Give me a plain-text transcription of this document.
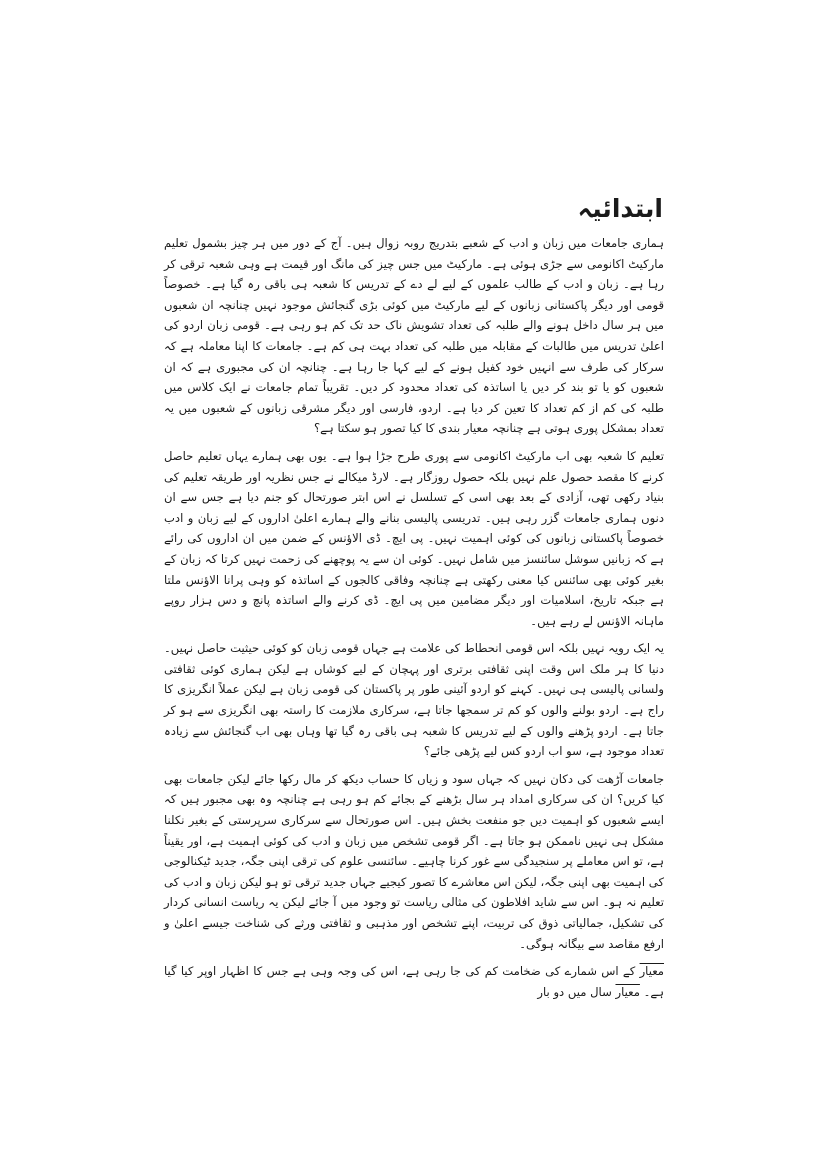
ابتدائیہ

ہماری جامعات میں زبان و ادب کے شعبے بتدریج روبہ زوال ہیں۔ آج کے دور میں ہر چیز بشمول تعلیم مارکیٹ اکانومی سے جڑی ہوئی ہے۔ مارکیٹ میں جس چیز کی مانگ اور قیمت ہے وہی شعبہ ترقی کر رہا ہے۔ زبان و ادب کے طالب علموں کے لیے لے دے کے تدریس کا شعبہ ہی باقی رہ گیا ہے۔ خصوصاً قومی اور دیگر پاکستانی زبانوں کے لیے مارکیٹ میں کوئی بڑی گنجائش موجود نہیں چنانچہ ان شعبوں میں ہر سال داخل ہونے والے طلبہ کی تعداد تشویش ناک حد تک کم ہو رہی ہے۔ قومی زبان اردو کی اعلیٰ تدریس میں طالبات کے مقابلہ میں طلبہ کی تعداد بہت ہی کم ہے۔ جامعات کا اپنا معاملہ ہے کہ سرکار کی طرف سے انہیں خود کفیل ہونے کے لیے کہا جا رہا ہے۔ چنانچہ ان کی مجبوری ہے کہ ان شعبوں کو یا تو بند کر دیں یا اساتذہ کی تعداد محدود کر دیں۔ تقریباً تمام جامعات نے ایک کلاس میں طلبہ کی کم از کم تعداد کا تعین کر دیا ہے۔ اردو، فارسی اور دیگر مشرقی زبانوں کے شعبوں میں یہ تعداد بمشکل پوری ہوتی ہے چنانچہ معیار بندی کا کیا تصور ہو سکتا ہے؟

تعلیم کا شعبہ بھی اب مارکیٹ اکانومی سے پوری طرح جڑا ہوا ہے۔ یوں بھی ہمارے یہاں تعلیم حاصل کرنے کا مقصد حصول علم نہیں بلکہ حصول روزگار ہے۔ لارڈ میکالے نے جس نظریہ اور طریقہ تعلیم کی بنیاد رکھی تھی، آزادی کے بعد بھی اسی کے تسلسل نے اس ابتر صورتحال کو جنم دیا ہے جس سے ان دنوں ہماری جامعات گزر رہی ہیں۔ تدریسی پالیسی بنانے والے ہمارے اعلیٰ اداروں کے لیے زبان و ادب خصوصاً پاکستانی زبانوں کی کوئی اہمیت نہیں۔ پی ایچ۔ ڈی الاؤنس کے ضمن میں ان اداروں کی رائے ہے کہ زبانیں سوشل سائنسز میں شامل نہیں۔ کوئی ان سے یہ پوچھنے کی زحمت نہیں کرتا کہ زبان کے بغیر کوئی بھی سائنس کیا معنی رکھتی ہے چنانچہ وفاقی کالجوں کے اساتذہ کو وہی پرانا الاؤنس ملتا ہے جبکہ تاریخ، اسلامیات اور دیگر مضامین میں پی ایچ۔ ڈی کرنے والے اساتذہ پانچ و دس ہزار روپے ماہانہ الاؤنس لے رہے ہیں۔

یہ ایک رویہ نہیں بلکہ اس قومی انحطاط کی علامت ہے جہاں قومی زبان کو کوئی حیثیت حاصل نہیں۔ دنیا کا ہر ملک اس وقت اپنی ثقافتی برتری اور پہچان کے لیے کوشاں ہے لیکن ہماری کوئی ثقافتی ولسانی پالیسی ہی نہیں۔ کہنے کو اردو آئینی طور پر پاکستان کی قومی زبان ہے لیکن عملاً انگریزی کا راج ہے۔ اردو بولنے والوں کو کم تر سمجھا جاتا ہے، سرکاری ملازمت کا راستہ بھی انگریزی سے ہو کر جاتا ہے۔ اردو پڑھنے والوں کے لیے تدریس کا شعبہ ہی باقی رہ گیا تھا وہاں بھی اب گنجائش سے زیادہ تعداد موجود ہے، سو اب اردو کس لیے پڑھی جائے؟

جامعات آڑھت کی دکان نہیں کہ جہاں سود و زیاں کا حساب دیکھ کر مال رکھا جائے لیکن جامعات بھی کیا کریں؟ ان کی سرکاری امداد ہر سال بڑھنے کے بجائے کم ہو رہی ہے چنانچہ وہ بھی مجبور ہیں کہ ایسے شعبوں کو اہمیت دیں جو منفعت بخش ہیں۔ اس صورتحال سے سرکاری سرپرستی کے بغیر نکلنا مشکل ہی نہیں ناممکن ہو جاتا ہے۔ اگر قومی تشخص میں زبان و ادب کی کوئی اہمیت ہے، اور یقیناً ہے، تو اس معاملے پر سنجیدگی سے غور کرنا چاہیے۔ سائنسی علوم کی ترقی اپنی جگہ، جدید ٹیکنالوجی کی اہمیت بھی اپنی جگہ، لیکن اس معاشرے کا تصور کیجیے جہاں جدید ترقی تو ہو لیکن زبان و ادب کی تعلیم نہ ہو۔ اس سے شاید افلاطون کی مثالی ریاست تو وجود میں آ جائے لیکن یہ ریاست انسانی کردار کی تشکیل، جمالیاتی ذوق کی تربیت، اپنے تشخص اور مذہبی و ثقافتی ورثے کی شناخت جیسے اعلیٰ و ارفع مقاصد سے بیگانہ ہوگی۔

معیار کے اس شمارے کی ضخامت کم کی جا رہی ہے، اس کی وجہ وہی ہے جس کا اظہار اوپر کیا گیا ہے۔ معیار سال میں دو بار
